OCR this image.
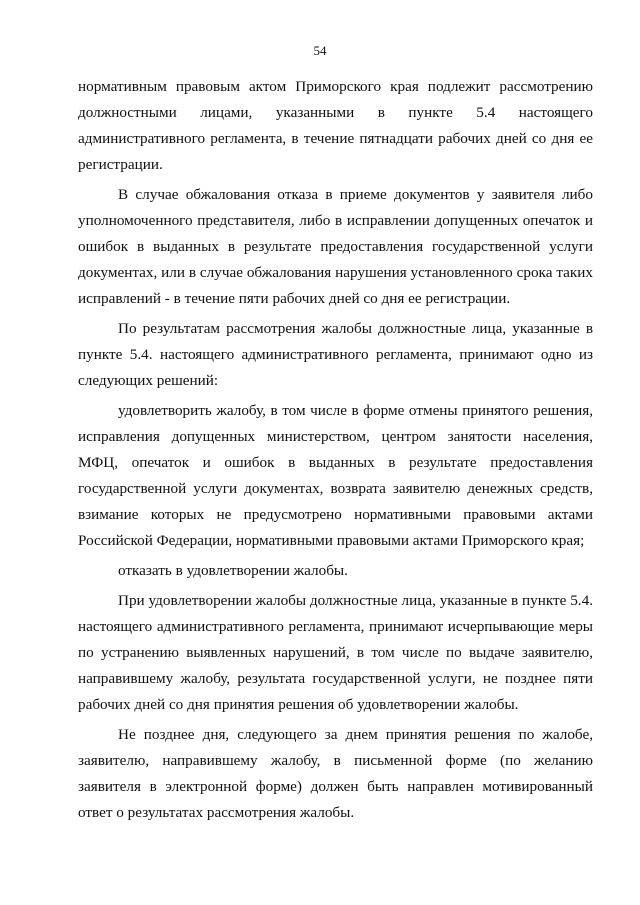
54

нормативным правовым актом Приморского края подлежит рассмотрению должностными лицами, указанными в пункте 5.4 настоящего административного регламента, в течение пятнадцати рабочих дней со дня ее регистрации.

В случае обжалования отказа в приеме документов у заявителя либо уполномоченного представителя, либо в исправлении допущенных опечаток и ошибок в выданных в результате предоставления государственной услуги документах, или в случае обжалования нарушения установленного срока таких исправлений - в течение пяти рабочих дней со дня ее регистрации.

По результатам рассмотрения жалобы должностные лица, указанные в пункте 5.4. настоящего административного регламента, принимают одно из следующих решений:

удовлетворить жалобу, в том числе в форме отмены принятого решения, исправления допущенных министерством, центром занятости населения, МФЦ, опечаток и ошибок в выданных в результате предоставления государственной услуги документах, возврата заявителю денежных средств, взимание которых не предусмотрено нормативными правовыми актами Российской Федерации, нормативными правовыми актами Приморского края;

отказать в удовлетворении жалобы.

При удовлетворении жалобы должностные лица, указанные в пункте 5.4. настоящего административного регламента, принимают исчерпывающие меры по устранению выявленных нарушений, в том числе по выдаче заявителю, направившему жалобу, результата государственной услуги, не позднее пяти рабочих дней со дня принятия решения об удовлетворении жалобы.

Не позднее дня, следующего за днем принятия решения по жалобе, заявителю, направившему жалобу, в письменной форме (по желанию заявителя в электронной форме) должен быть направлен мотивированный ответ о результатах рассмотрения жалобы.
